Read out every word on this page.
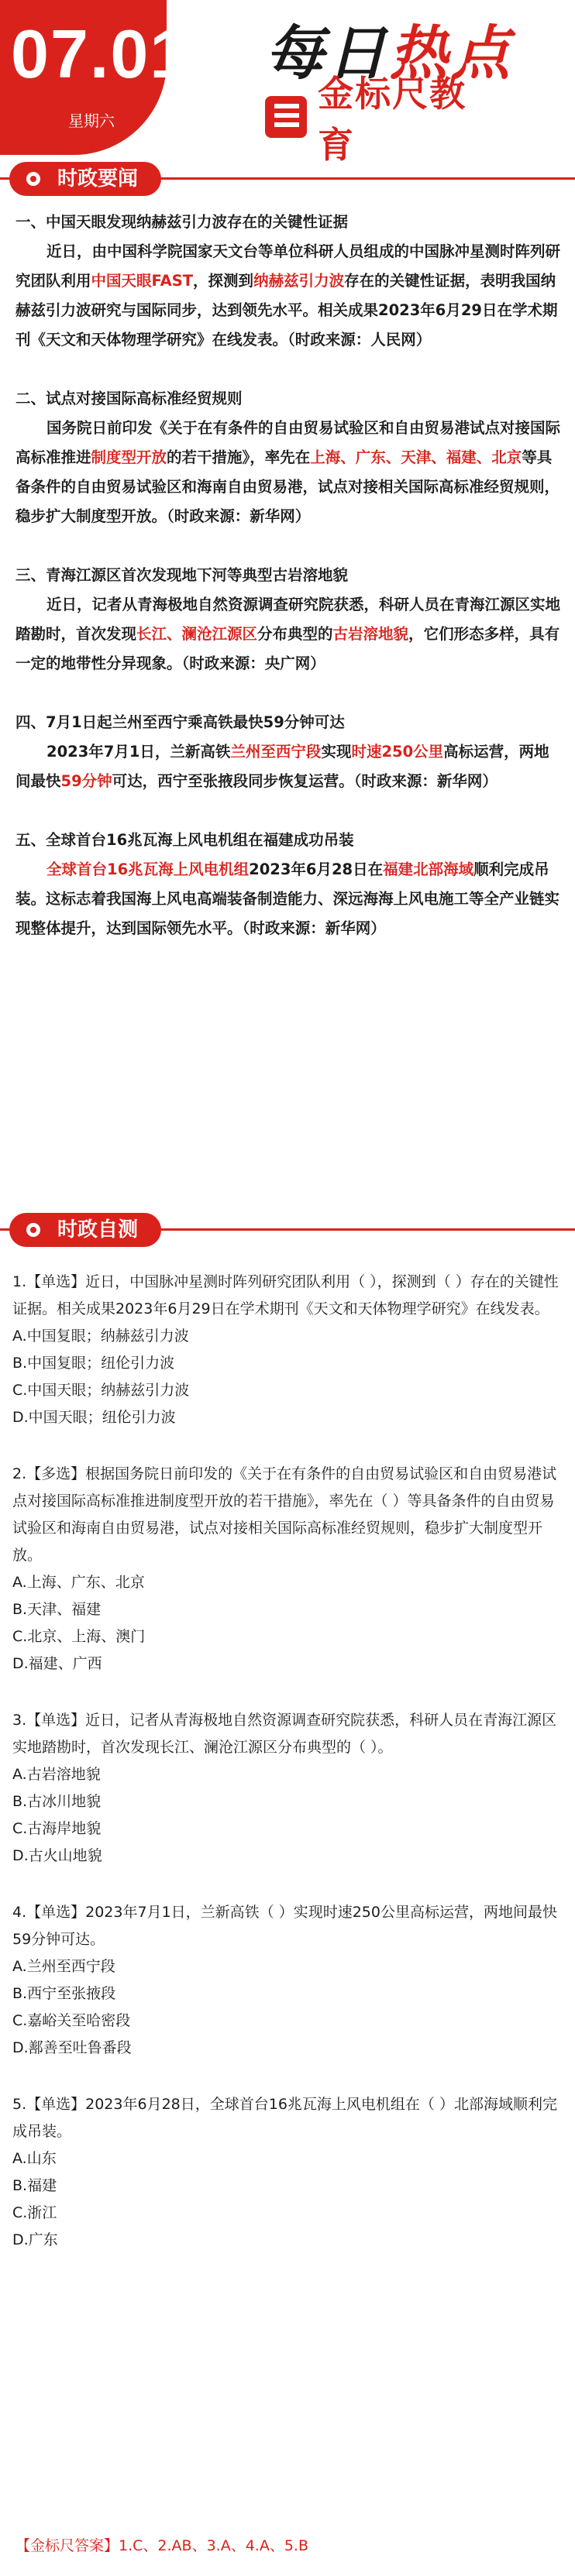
07.01
星期六
每日热点
金标尺教育
时政要闻
一、中国天眼发现纳赫兹引力波存在的关键性证据
近日，由中国科学院国家天文台等单位科研人员组成的中国脉冲星测时阵列研究团队利用中国天眼FAST，探测到纳赫兹引力波存在的关键性证据，表明我国纳赫兹引力波研究与国际同步，达到领先水平。相关成果2023年6月29日在学术期刊《天文和天体物理学研究》在线发表。（时政来源：人民网）
二、试点对接国际高标准经贸规则
国务院日前印发《关于在有条件的自由贸易试验区和自由贸易港试点对接国际高标准推进制度型开放的若干措施》，率先在上海、广东、天津、福建、北京等具备条件的自由贸易试验区和海南自由贸易港，试点对接相关国际高标准经贸规则，稳步扩大制度型开放。（时政来源：新华网）
三、青海江源区首次发现地下河等典型古岩溶地貌
近日，记者从青海极地自然资源调查研究院获悉，科研人员在青海江源区实地踏勘时，首次发现长江、澜沧江源区分布典型的古岩溶地貌，它们形态多样，具有一定的地带性分异现象。（时政来源：央广网）
四、7月1日起兰州至西宁乘高铁最快59分钟可达
2023年7月1日，兰新高铁兰州至西宁段实现时速250公里高标运营，两地间最快59分钟可达，西宁至张掖段同步恢复运营。（时政来源：新华网）
五、全球首台16兆瓦海上风电机组在福建成功吊装
全球首台16兆瓦海上风电机组2023年6月28日在福建北部海域顺利完成吊装。这标志着我国海上风电高端装备制造能力、深远海海上风电施工等全产业链实现整体提升，达到国际领先水平。（时政来源：新华网）
时政自测
1.【单选】近日，中国脉冲星测时阵列研究团队利用（ ），探测到（ ）存在的关键性证据。相关成果2023年6月29日在学术期刊《天文和天体物理学研究》在线发表。
A.中国复眼；纳赫兹引力波
B.中国复眼；纽伦引力波
C.中国天眼；纳赫兹引力波
D.中国天眼；纽伦引力波
2.【多选】根据国务院日前印发的《关于在有条件的自由贸易试验区和自由贸易港试点对接国际高标准推进制度型开放的若干措施》，率先在（ ）等具备条件的自由贸易试验区和海南自由贸易港，试点对接相关国际高标准经贸规则，稳步扩大制度型开放。
A.上海、广东、北京
B.天津、福建
C.北京、上海、澳门
D.福建、广西
3.【单选】近日，记者从青海极地自然资源调查研究院获悉，科研人员在青海江源区实地踏勘时，首次发现长江、澜沧江源区分布典型的（ ）。
A.古岩溶地貌
B.古冰川地貌
C.古海岸地貌
D.古火山地貌
4.【单选】2023年7月1日，兰新高铁（ ）实现时速250公里高标运营，两地间最快59分钟可达。
A.兰州至西宁段
B.西宁至张掖段
C.嘉峪关至哈密段
D.鄯善至吐鲁番段
5.【单选】2023年6月28日，全球首台16兆瓦海上风电机组在（ ）北部海域顺利完成吊装。
A.山东
B.福建
C.浙江
D.广东
【金标尺答案】1.C、2.AB、3.A、4.A、5.B
